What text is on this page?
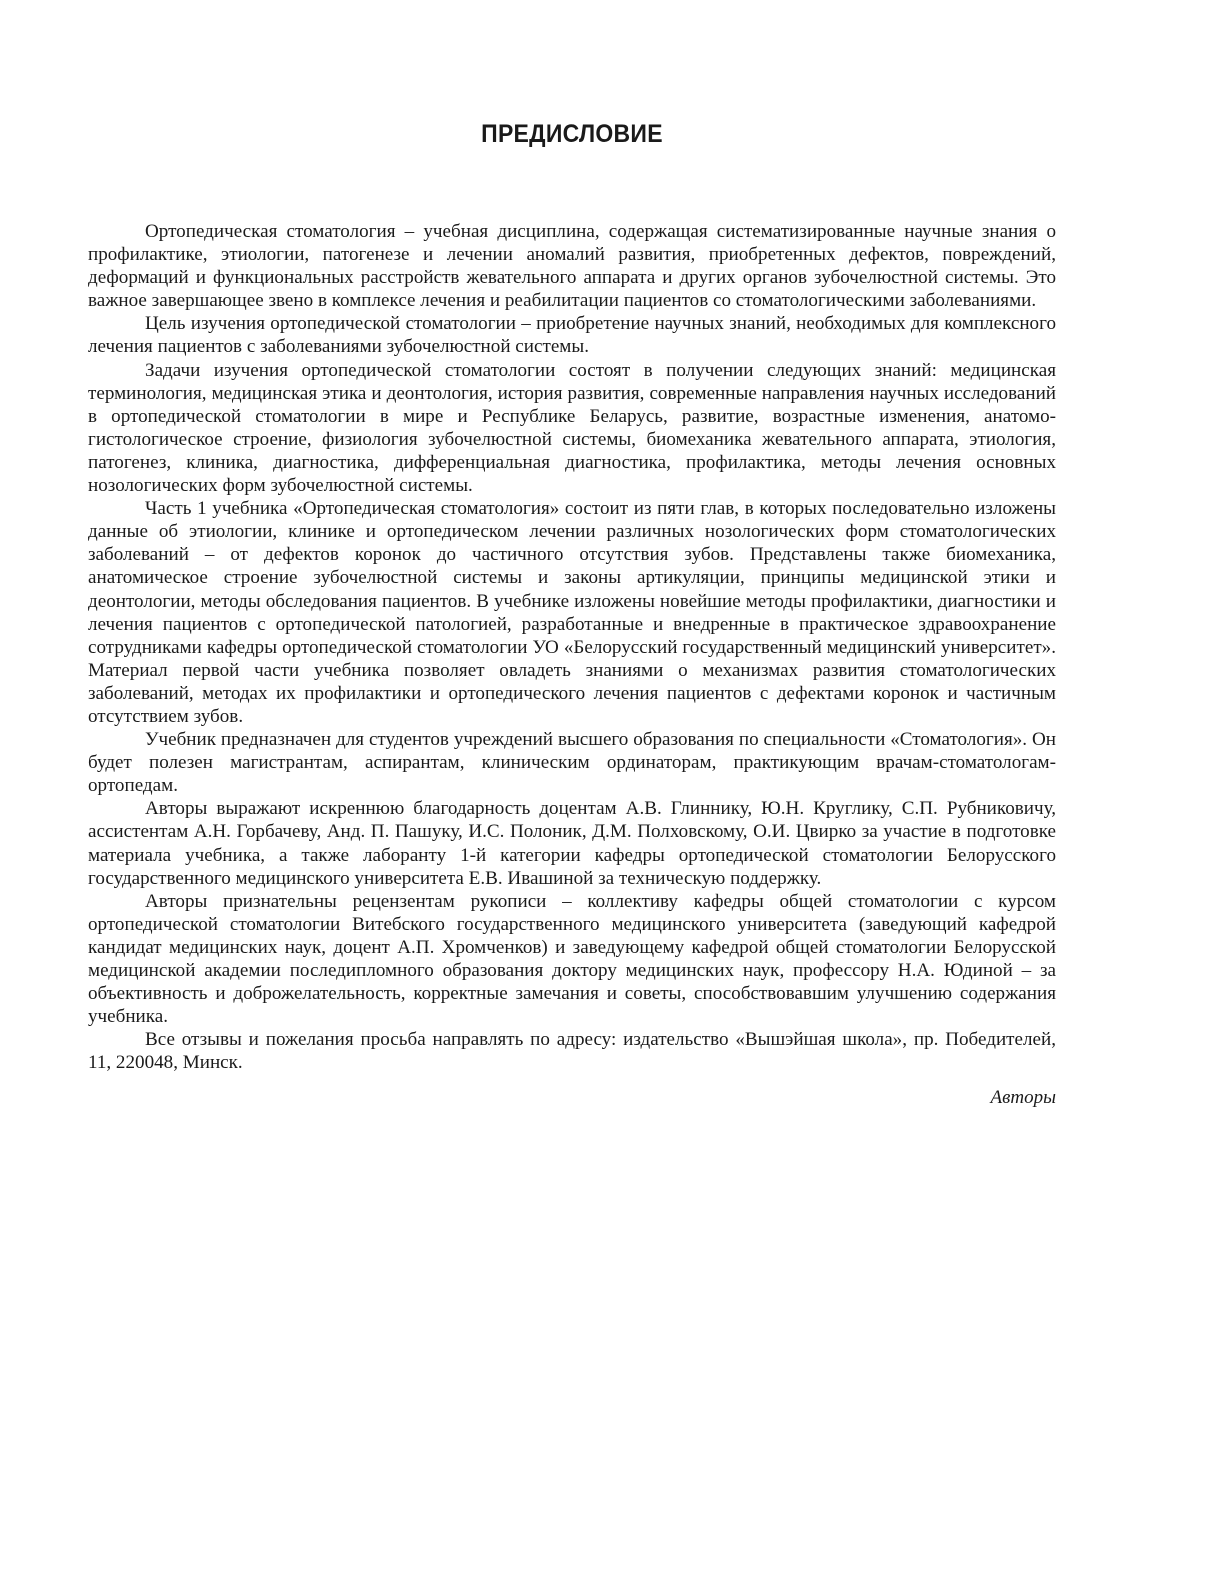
ПРЕДИСЛОВИЕ

Ортопедическая стоматология – учебная дисциплина, содержащая систематизированные научные знания о профилактике, этиологии, патогенезе и лечении аномалий развития, приобретенных дефектов, повреждений, деформаций и функциональных расстройств жевательного аппарата и других органов зубочелюстной системы. Это важное завершающее звено в комплексе лечения и реабилитации пациентов со стоматологическими заболеваниями.

Цель изучения ортопедической стоматологии – приобретение научных знаний, необходимых для комплексного лечения пациентов с заболеваниями зубочелюстной системы.

Задачи изучения ортопедической стоматологии состоят в получении следующих знаний: медицинская терминология, медицинская этика и деонтология, история развития, современные направления научных исследований в ортопедической стоматологии в мире и Республике Беларусь, развитие, возрастные изменения, анатомо-гистологическое строение, физиология зубочелюстной системы, биомеханика жевательного аппарата, этиология, патогенез, клиника, диагностика, дифференциальная диагностика, профилактика, методы лечения основных нозологических форм зубочелюстной системы.

Часть 1 учебника «Ортопедическая стоматология» состоит из пяти глав, в которых последовательно изложены данные об этиологии, клинике и ортопедическом лечении различных нозологических форм стоматологических заболеваний – от дефектов коронок до частичного отсутствия зубов. Представлены также биомеханика, анатомическое строение зубочелюстной системы и законы артикуляции, принципы медицинской этики и деонтологии, методы обследования пациентов. В учебнике изложены новейшие методы профилактики, диагностики и лечения пациентов с ортопедической патологией, разработанные и внедренные в практическое здравоохранение сотрудниками кафедры ортопедической стоматологии УО «Белорусский государственный медицинский университет». Материал первой части учебника позволяет овладеть знаниями о механизмах развития стоматологических заболеваний, методах их профилактики и ортопедического лечения пациентов с дефектами коронок и частичным отсутствием зубов.

Учебник предназначен для студентов учреждений высшего образования по специальности «Стоматология». Он будет полезен магистрантам, аспирантам, клиническим ординаторам, практикующим врачам-стоматологам-ортопедам.

Авторы выражают искреннюю благодарность доцентам А.В. Глиннику, Ю.Н. Круглику, С.П. Рубниковичу, ассистентам А.Н. Горбачеву, Анд. П. Пашуку, И.С. Полоник, Д.М. Полховскому, О.И. Цвирко за участие в подготовке материала учебника, а также лаборанту 1-й категории кафедры ортопедической стоматологии Белорусского государственного медицинского университета Е.В. Ивашиной за техническую поддержку.

Авторы признательны рецензентам рукописи – коллективу кафедры общей стоматологии с курсом ортопедической стоматологии Витебского государственного медицинского университета (заведующий кафедрой кандидат медицинских наук, доцент А.П. Хромченков) и заведующему кафедрой общей стоматологии Белорусской медицинской академии последипломного образования доктору медицинских наук, профессору Н.А. Юдиной – за объективность и доброжелательность, корректные замечания и советы, способствовавшим улучшению содержания учебника.

Все отзывы и пожелания просьба направлять по адресу: издательство «Вышэйшая школа», пр. Победителей, 11, 220048, Минск.

Авторы
